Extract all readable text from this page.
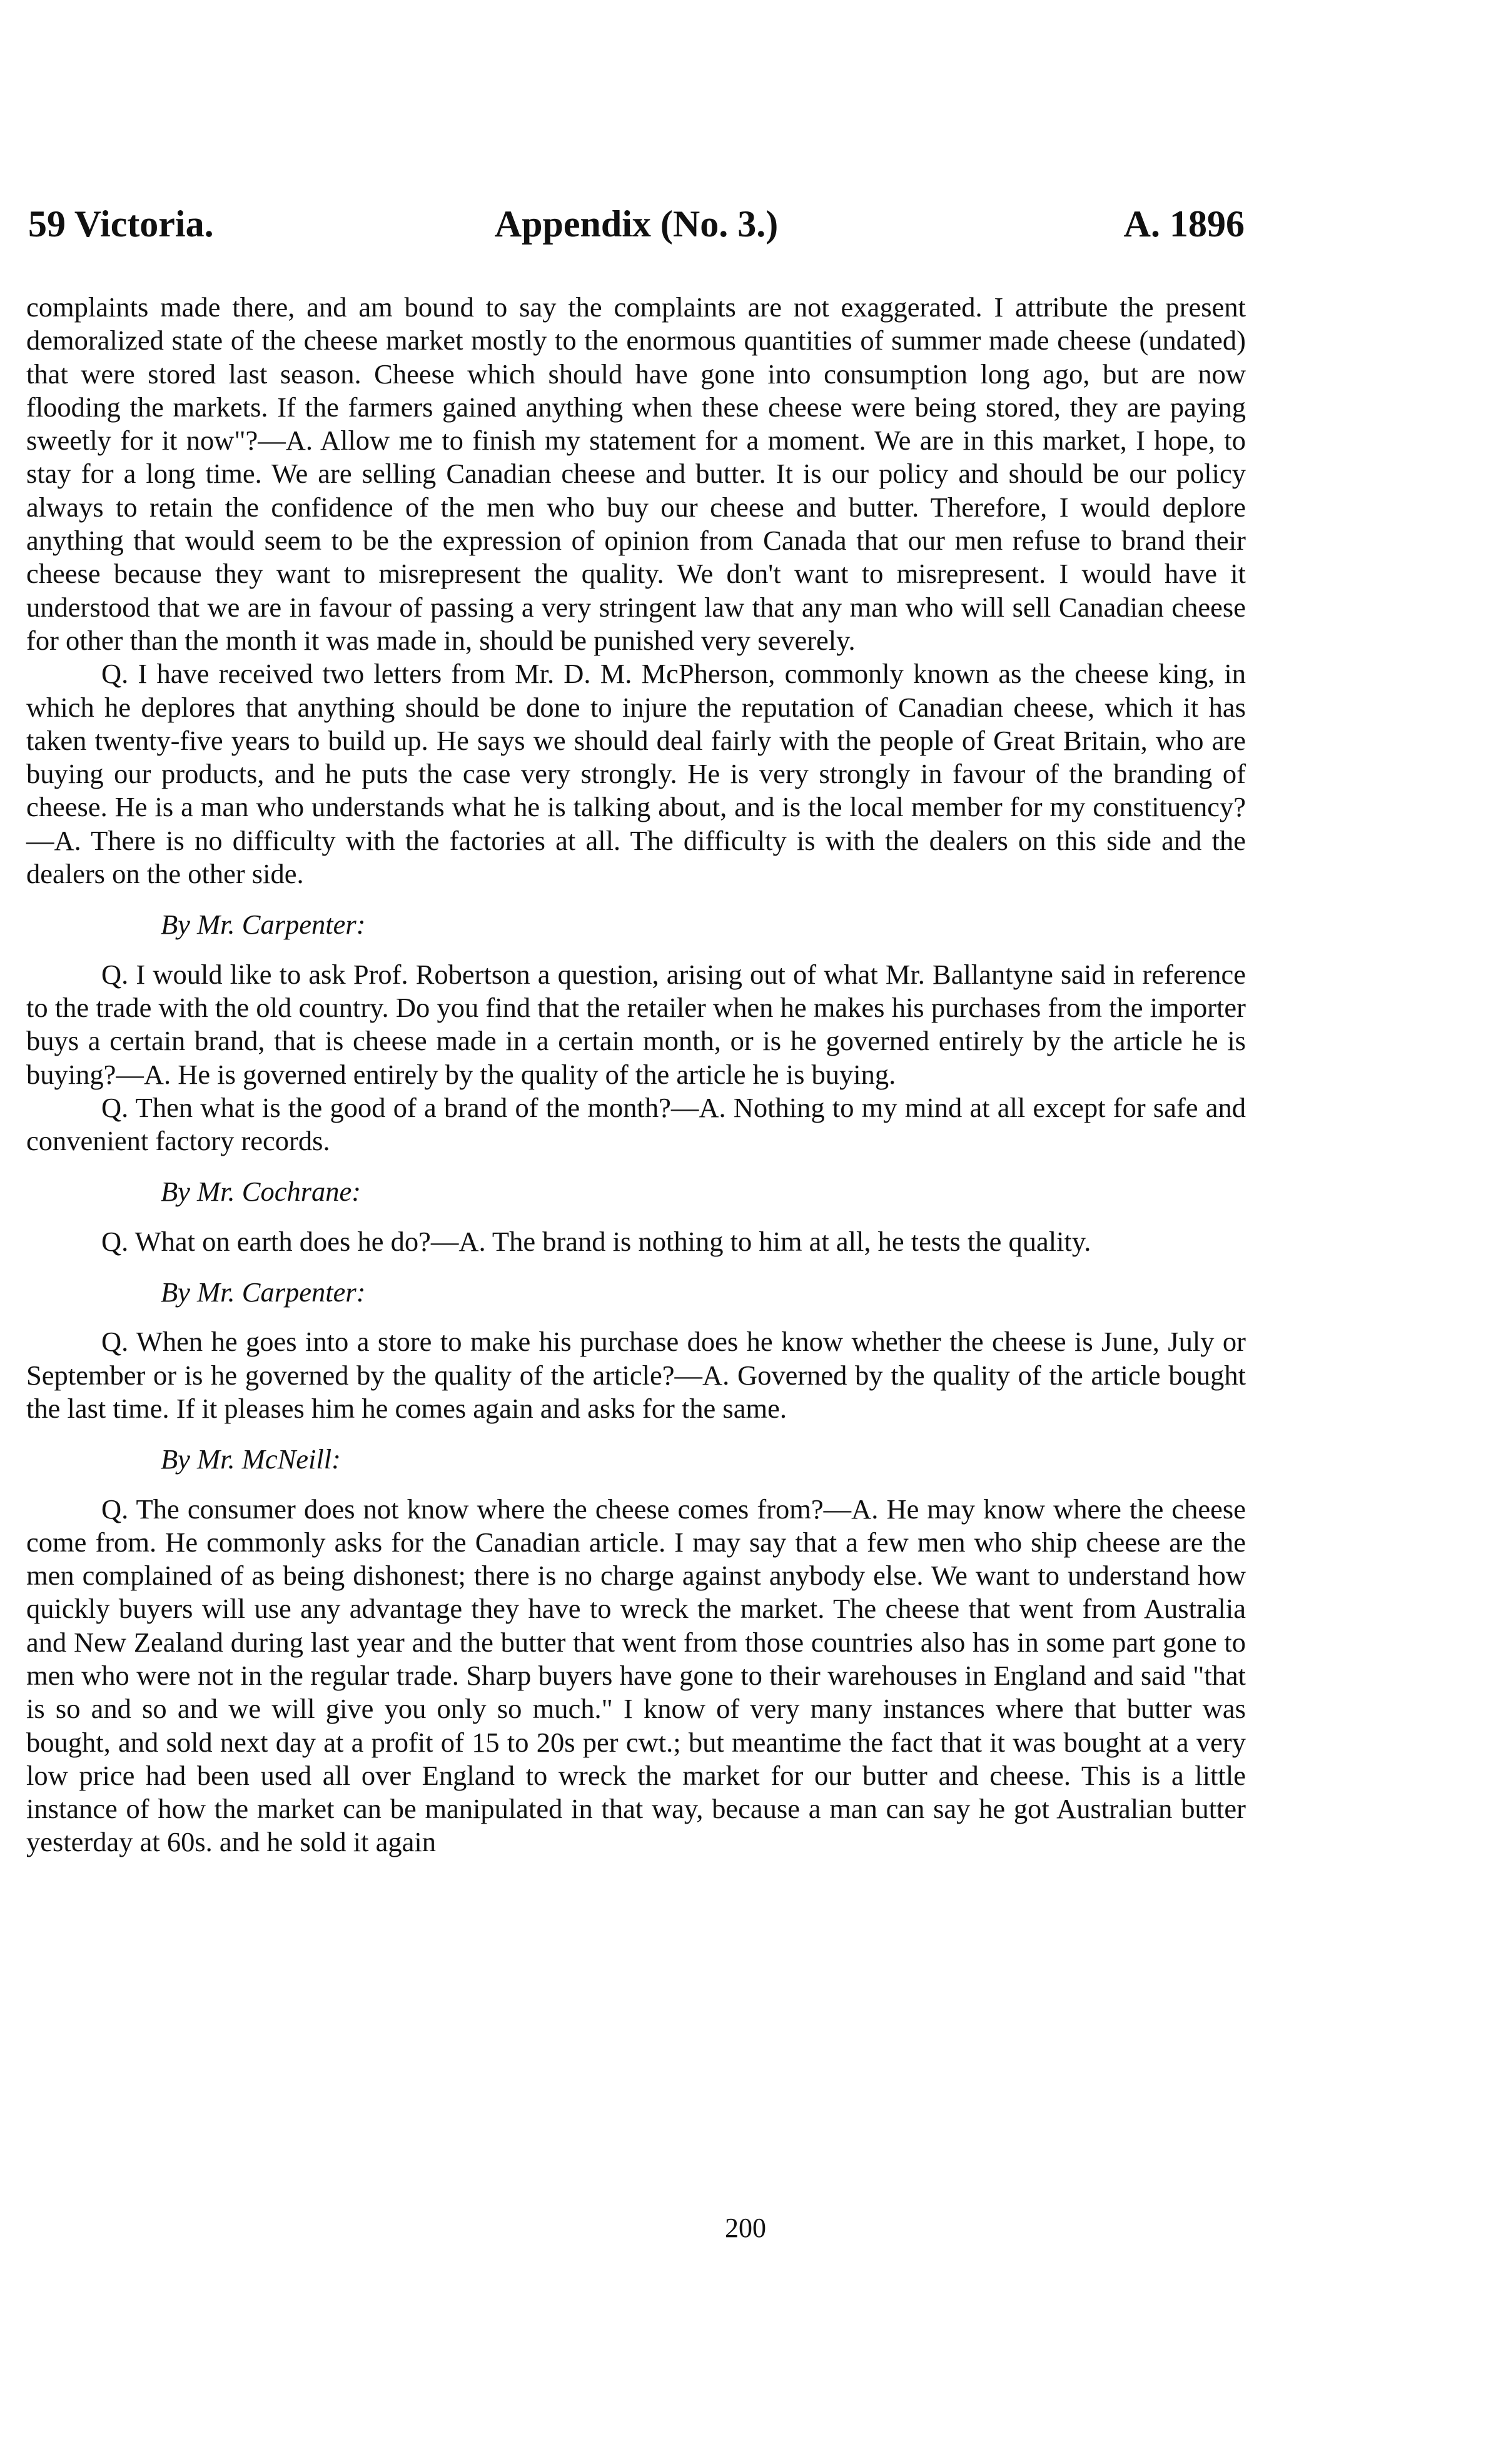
59 Victoria.	Appendix (No. 3.)	A. 1896

complaints made there, and am bound to say the complaints are not exaggerated. I attribute the present demoralized state of the cheese market mostly to the enormous quantities of summer made cheese (undated) that were stored last season. Cheese which should have gone into consumption long ago, but are now flooding the markets. If the farmers gained anything when these cheese were being stored, they are paying sweetly for it now"?—A. Allow me to finish my statement for a moment. We are in this market, I hope, to stay for a long time. We are selling Canadian cheese and butter. It is our policy and should be our policy always to retain the confidence of the men who buy our cheese and butter. Therefore, I would deplore anything that would seem to be the expression of opinion from Canada that our men refuse to brand their cheese because they want to misrepresent the quality. We don't want to misrepresent. I would have it understood that we are in favour of passing a very stringent law that any man who will sell Canadian cheese for other than the month it was made in, should be punished very severely.

Q. I have received two letters from Mr. D. M. McPherson, commonly known as the cheese king, in which he deplores that anything should be done to injure the reputation of Canadian cheese, which it has taken twenty-five years to build up. He says we should deal fairly with the people of Great Britain, who are buying our products, and he puts the case very strongly. He is very strongly in favour of the branding of cheese. He is a man who understands what he is talking about, and is the local member for my constituency?—A. There is no difficulty with the factories at all. The difficulty is with the dealers on this side and the dealers on the other side.

By Mr. Carpenter:

Q. I would like to ask Prof. Robertson a question, arising out of what Mr. Ballantyne said in reference to the trade with the old country. Do you find that the retailer when he makes his purchases from the importer buys a certain brand, that is cheese made in a certain month, or is he governed entirely by the article he is buying?—A. He is governed entirely by the quality of the article he is buying.

Q. Then what is the good of a brand of the month?—A. Nothing to my mind at all except for safe and convenient factory records.

By Mr. Cochrane:

Q. What on earth does he do?—A. The brand is nothing to him at all, he tests the quality.

By Mr. Carpenter:

Q. When he goes into a store to make his purchase does he know whether the cheese is June, July or September or is he governed by the quality of the article?—A. Governed by the quality of the article bought the last time. If it pleases him he comes again and asks for the same.

By Mr. McNeill:

Q. The consumer does not know where the cheese comes from?—A. He may know where the cheese come from. He commonly asks for the Canadian article. I may say that a few men who ship cheese are the men complained of as being dishonest; there is no charge against anybody else. We want to understand how quickly buyers will use any advantage they have to wreck the market. The cheese that went from Australia and New Zealand during last year and the butter that went from those countries also has in some part gone to men who were not in the regular trade. Sharp buyers have gone to their warehouses in England and said "that is so and so and we will give you only so much." I know of very many instances where that butter was bought, and sold next day at a profit of 15 to 20s per cwt.; but meantime the fact that it was bought at a very low price had been used all over England to wreck the market for our butter and cheese. This is a little instance of how the market can be manipulated in that way, because a man can say he got Australian butter yesterday at 60s. and he sold it again

200
